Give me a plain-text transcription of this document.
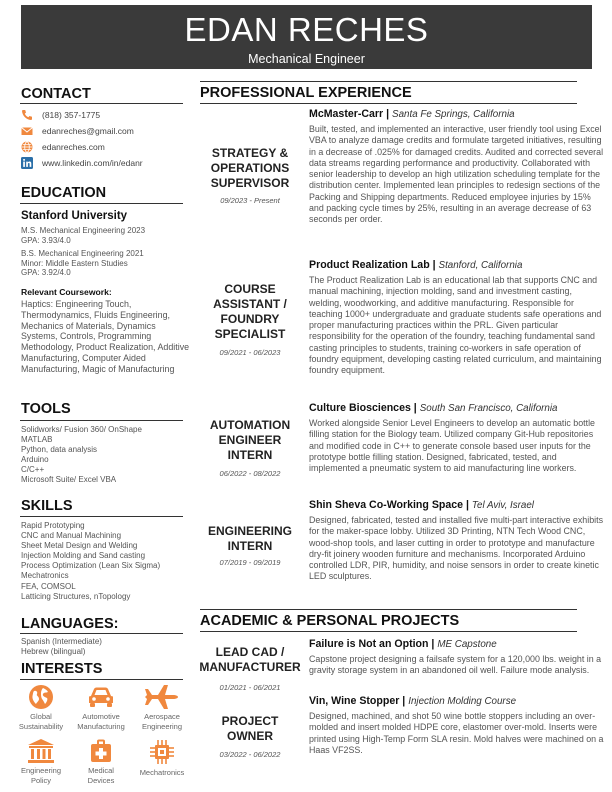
EDAN RECHES
Mechanical Engineer
CONTACT
(818) 357-1775
edanreches@gmail.com
edanreches.com
www.linkedin.com/in/edanr
EDUCATION
Stanford University
M.S. Mechanical Engineering 2023
GPA: 3.93/4.0
B.S. Mechanical Engineering 2021
Minor: Middle Eastern Studies
GPA: 3.92/4.0
Relevant Coursework:
Haptics: Engineering Touch, Thermodynamics, Fluids Engineering, Mechanics of Materials, Dynamics Systems, Controls, Programming Methodology, Product Realization, Additive Manufacturing, Computer Aided Manufacturing, Magic of Manufacturing
TOOLS
Solidworks/ Fusion 360/ OnShape
MATLAB
Python, data analysis
Arduino
C/C++
Microsoft Suite/ Excel VBA
SKILLS
Rapid Prototyping
CNC and Manual Machining
Sheet Metal Design and Welding
Injection Molding and Sand casting
Process Optimization (Lean Six Sigma)
Mechatronics
FEA, COMSOL
Latticing Structures, nTopology
LANGUAGES:
Spanish (Intermediate)
Hebrew (bilingual)
INTERESTS
Global
Sustainability
Automotive
Manufacturing
Aerospace
Engineering
Engineering
Policy
Medical
Devices
Mechatronics
PROFESSIONAL EXPERIENCE
STRATEGY &
OPERATIONS
SUPERVISOR
09/2023 - Present
McMaster-Carr | Santa Fe Springs, California
Built, tested, and implemented an interactive, user friendly tool using Excel VBA to analyze damage credits and formulate targeted initiatives, resulting in a decrease of .025% for damaged credits. Audited and corrected several data streams regarding performance and productivity. Collaborated with senior leadership to develop an high utilization scheduling template for the distribution center. Implemented lean principles to redesign sections of the Packing and Shipping departments. Reduced employee injuries by 15% and packing cycle times by 25%, resulting in an average decrease of 63 seconds per order.
COURSE
ASSISTANT /
FOUNDRY
SPECIALIST
09/2021 - 06/2023
Product Realization Lab | Stanford, California
The Product Realization Lab is an educational lab that supports CNC and manual machining, injection molding, sand and investment casting, welding, woodworking, and additive manufacturing. Responsible for teaching 1000+ undergraduate and graduate students safe operations and proper manufacturing practices within the PRL. Given particular responsibility for the operation of the foundry, teaching fundamental sand casting principles to students, training co-workers in safe operation of foundry equipment, developing casting related curriculum, and maintaining foundry equipment.
AUTOMATION
ENGINEER
INTERN
06/2022 - 08/2022
Culture Biosciences | South San Francisco, California
Worked alongside Senior Level Engineers to develop an automatic bottle filling station for the Biology team. Utilized company Git-Hub repositories and modified code in C++ to generate console based user inputs for the prototype bottle filling station. Designed, fabricated, tested, and implemented a pneumatic system to aid manufacturing line workers.
ENGINEERING
INTERN
07/2019 - 09/2019
Shin Sheva Co-Working Space | Tel Aviv, Israel
Designed, fabricated, tested and installed five multi-part interactive exhibits for the maker-space lobby. Utilized 3D Printing, NTN Tech Wood CNC, wood-shop tools, and laser cutting in order to prototype and manufacture dry-fit joinery wooden furniture and mechanisms. Incorporated Arduino controlled LDR, PIR, humidity, and noise sensors in order to create kinetic LED sculptures.
ACADEMIC & PERSONAL PROJECTS
LEAD CAD /
MANUFACTURER
01/2021 - 06/2021
Failure is Not an Option | ME Capstone
Capstone project designing a failsafe system for a 120,000 lbs. weight in a gravity storage system in an abandoned oil well. Failure mode analysis.
PROJECT
OWNER
03/2022 - 06/2022
Vin, Wine Stopper | Injection Molding Course
Designed, machined, and shot 50 wine bottle stoppers including an over-molded and insert molded HDPE core, elastomer over-mold. Inserts were printed using High-Temp Form SLA resin. Mold halves were machined on a Haas VF2SS.
